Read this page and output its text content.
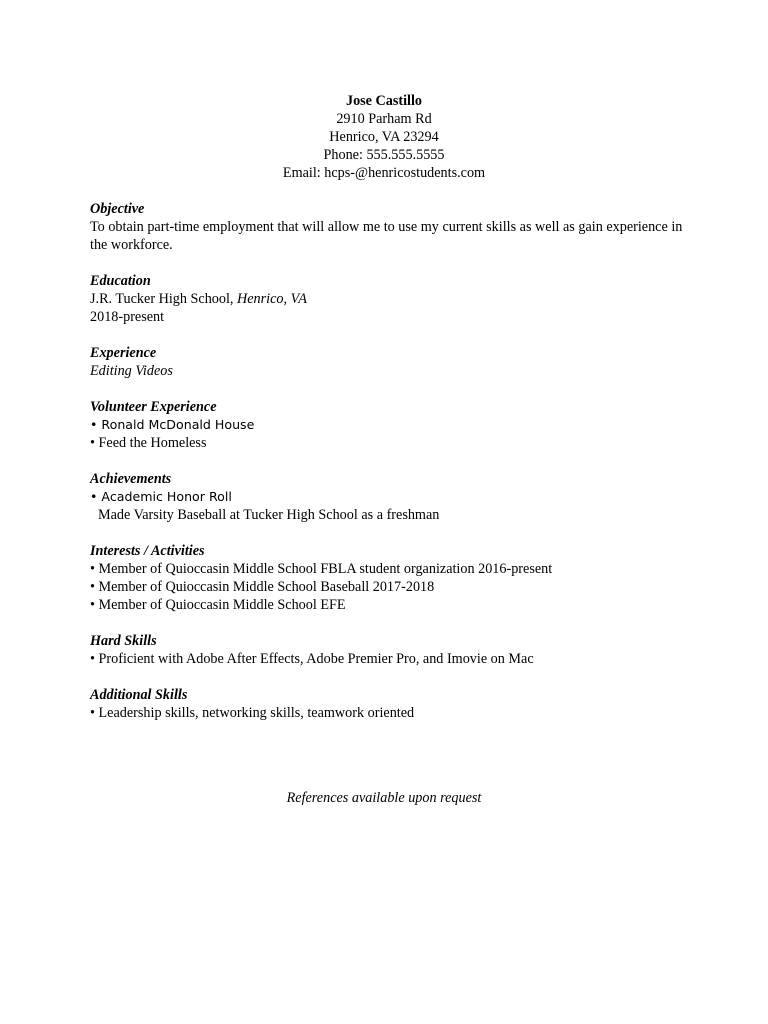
Jose Castillo
2910 Parham Rd
Henrico, VA 23294
Phone: 555.555.5555
Email: hcps-@henricostudents.com
Objective
To obtain part-time employment that will allow me to use my current skills as well as gain experience in the workforce.
Education
J.R. Tucker High School, Henrico, VA
2018-present
Experience
Editing Videos
Volunteer Experience
• Ronald McDonald House
• Feed the Homeless
Achievements
• Academic Honor Roll
Made Varsity Baseball at Tucker High School as a freshman
Interests / Activities
• Member of Quioccasin Middle School FBLA student organization 2016-present
• Member of Quioccasin Middle School Baseball 2017-2018
• Member of Quioccasin Middle School EFE
Hard Skills
• Proficient with Adobe After Effects, Adobe Premier Pro, and Imovie on Mac
Additional Skills
• Leadership skills, networking skills, teamwork oriented
References available upon request
